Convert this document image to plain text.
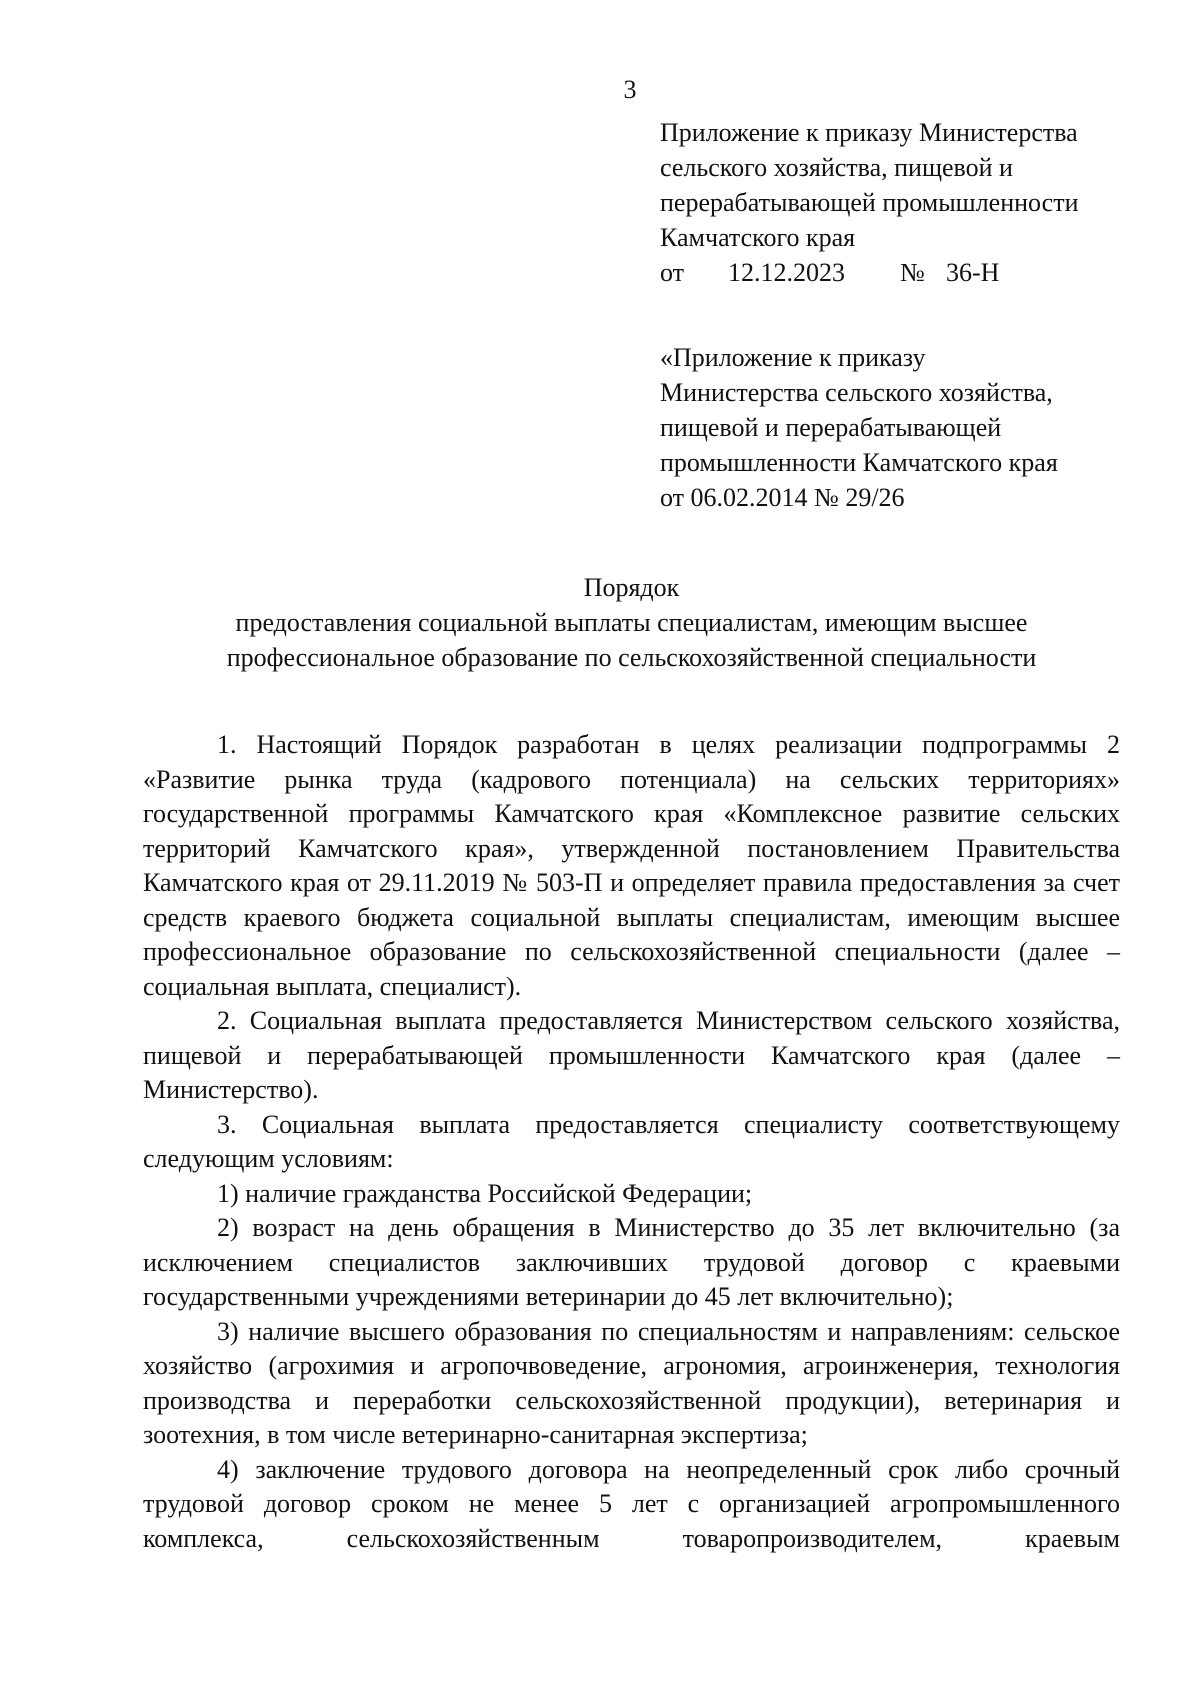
3
Приложение к приказу Министерства
сельского хозяйства, пищевой и
перерабатывающей промышленности
Камчатского края
от	12.12.2023	№ 36-Н
«Приложение к приказу
Министерства сельского хозяйства,
пищевой и перерабатывающей
промышленности Камчатского края
от 06.02.2014 № 29/26
Порядок
предоставления социальной выплаты специалистам, имеющим высшее
профессиональное образование по сельскохозяйственной специальности

1. Настоящий Порядок разработан в целях реализации подпрограммы 2 «Развитие рынка труда (кадрового потенциала) на сельских территориях» государственной программы Камчатского края «Комплексное развитие сельских территорий Камчатского края», утвержденной постановлением Правительства Камчатского края от 29.11.2019 № 503-П и определяет правила предоставления за счет средств краевого бюджета социальной выплаты специалистам, имеющим высшее профессиональное образование по сельскохозяйственной специальности (далее – социальная выплата, специалист).

2. Социальная выплата предоставляется Министерством сельского хозяйства, пищевой и перерабатывающей промышленности Камчатского края (далее – Министерство).

3. Социальная выплата предоставляется специалисту соответствующему следующим условиям:

1) наличие гражданства Российской Федерации;

2) возраст на день обращения в Министерство до 35 лет включительно (за исключением специалистов заключивших трудовой договор с краевыми государственными учреждениями ветеринарии до 45 лет включительно);

3) наличие высшего образования по специальностям и направлениям: сельское хозяйство (агрохимия и агропочвоведение, агрономия, агроинженерия, технология производства и переработки сельскохозяйственной продукции), ветеринария и зоотехния, в том числе ветеринарно-санитарная экспертиза;

4) заключение трудового договора на неопределенный срок либо срочный трудовой договор сроком не менее 5 лет с организацией агропромышленного комплекса, сельскохозяйственным товаропроизводителем, краевым
